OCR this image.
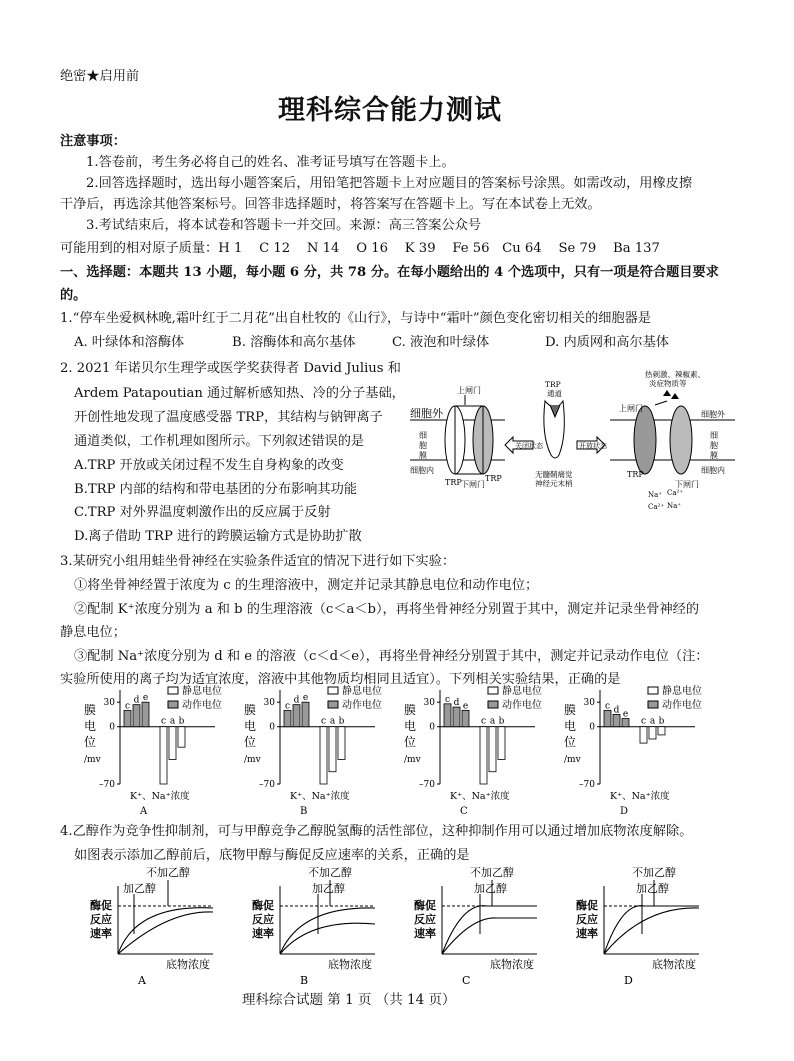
绝密★启用前
理科综合能力测试
注意事项：
1.答卷前，考生务必将自己的姓名、准考证号填写在答题卡上。
2.回答选择题时，选出每小题答案后，用铅笔把答题卡上对应题目的答案标号涂黑。如需改动，用橡皮擦
干净后，再选涂其他答案标号。回答非选择题时，将答案写在答题卡上。写在本试卷上无效。
3.考试结束后，将本试卷和答题卡一并交回。来源：高三答案公众号
可能用到的相对原子质量：H 1    C 12    N 14    O 16    K 39    Fe 56   Cu 64    Se 79    Ba 137
一、选择题：本题共 13 小题，每小题 6 分，共 78 分。在每小题给出的 4 个选项中，只有一项是符合题目要求
的。
1.“停车坐爱枫林晚,霜叶红于二月花”出自杜牧的《山行》，与诗中“霜叶”颜色变化密切相关的细胞器是
A. 叶绿体和溶酶体	B. 溶酶体和高尔基体	C. 液泡和叶绿体	D. 内质网和高尔基体
2. 2021 年诺贝尔生理学或医学奖获得者 David Julius 和
Ardem Patapoutian 通过解析感知热、冷的分子基础，
开创性地发现了温度感受器 TRP，其结构与钠钾离子
通道类似，工作机理如图所示。下列叙述错误的是
A.TRP 开放或关闭过程不发生自身构象的改变
B.TRP 内部的结构和带电基团的分布影响其功能
C.TRP 对外界温度刺激作出的反应属于反射
D.离子借助 TRP 进行的跨膜运输方式是协助扩散
细胞外
细
胞
膜
细胞内
上闸门
TRP 下闸门
TRP
TRP
通道
无髓鞘痛觉
神经元末梢
关闭状态	开放状态
热刺激、辣椒素、
炎症物质等
上闸门
细胞外
细
胞
膜
细胞内
TRP
下闸门
Na⁺ Ca²⁺
Ca²⁺ Na⁺
3.某研究小组用蛙坐骨神经在实验条件适宜的情况下进行如下实验：
①将坐骨神经置于浓度为 c 的生理溶液中，测定并记录其静息电位和动作电位；
②配制 K⁺浓度分别为 a 和 b 的生理溶液（c＜a＜b），再将坐骨神经分别置于其中，测定并记录坐骨神经的
静息电位；
③配制 Na⁺浓度分别为 d 和 e 的溶液（c＜d＜e），再将坐骨神经分别置于其中，测定并记录动作电位（注：
实验所使用的离子均为适宜浓度，溶液中其他物质均相同且适宜）。下列相关实验结果，正确的是
膜
电
位
/mv
30
0
–70
c
d e
c a b
静息电位
动作电位
K⁺、Na⁺浓度
A
膜
电
位
/mv
30
0
–70
c
d e
c a b
静息电位
动作电位
K⁺、Na⁺浓度
B
膜
电
位
/mv
30
0
–70
c d e
c a b
静息电位
动作电位
K⁺、Na⁺浓度
C
膜
电
位
/mv
30
0
–70
c d e
c a b
静息电位
动作电位
K⁺、Na⁺浓度
D
4.乙醇作为竞争性抑制剂，可与甲醇竞争乙醇脱氢酶的活性部位，这种抑制作用可以通过增加底物浓度解除。
如图表示添加乙醇前后，底物甲醇与酶促反应速率的关系，正确的是
酶促
反应
速率
底物浓度
A
不加乙醇
加乙醇
酶促
反应
速率
底物浓度
B
不加乙醇
加乙醇
酶促
反应
速率
底物浓度
C
不加乙醇
加乙醇
酶促
反应
速率
底物浓度
D
不加乙醇
加乙醇
理科综合试题 第 1 页 （共 14 页）
